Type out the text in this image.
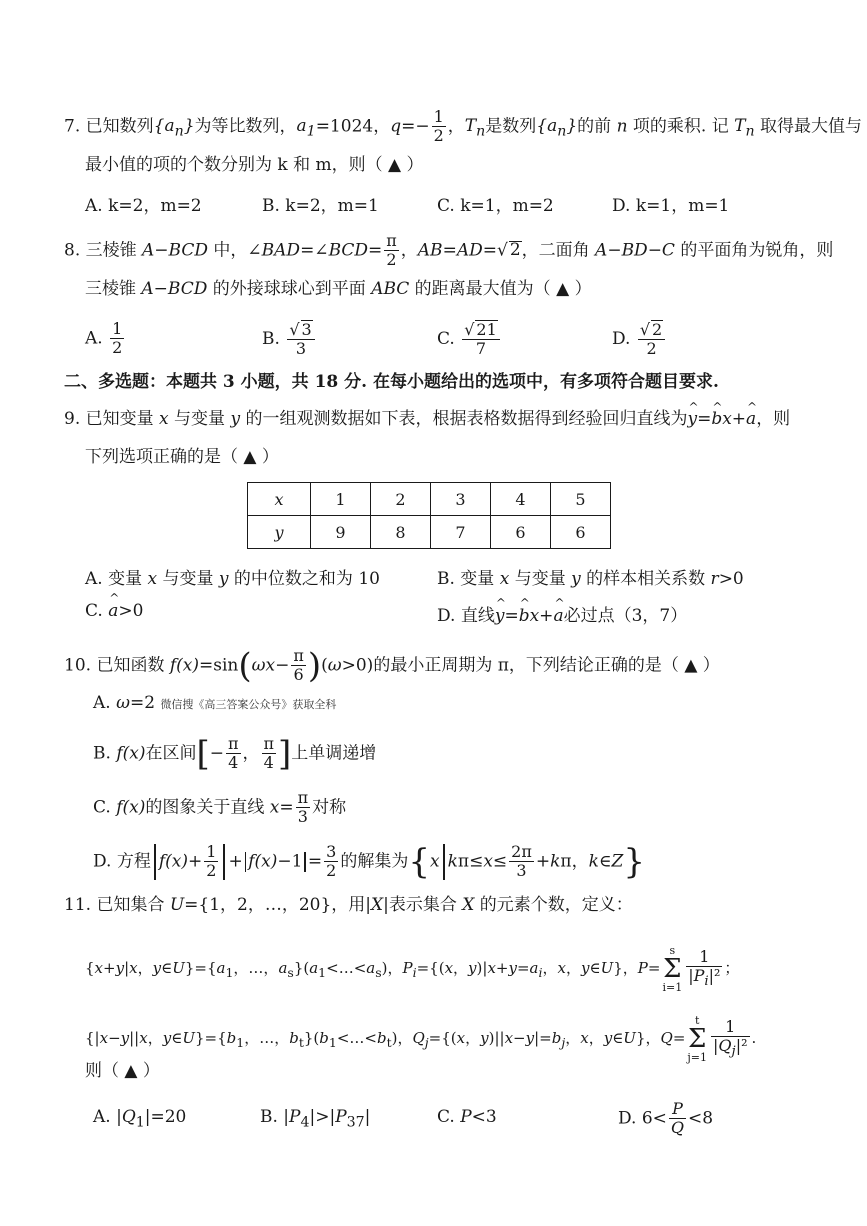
7. 已知数列$\{a_n\}$为等比数列，$a_1=1024$，$q=- \frac{1}{2}$ ，$T_n$是数列$\{a_n\}$的前 n 项的乘积. 记 $T_n$ 取得最大值与
最小值的项的个数分别为 k 和 m，则（ ▲ ）
A. k=2，m=2	B. k=2，m=1	C. k=1，m=2	D. k=1，m=1
8. 三棱锥 A−BCD 中，∠BAD=∠BCD= $\frac{\pi}{2}$ ，AB=AD=√ 2，二面角 A−BD−C 的平面角为锐角，则
三棱锥 A−BCD 的外接球球心到平面 ABC 的距离最大值为（ ▲ ）
A. $\frac{1}{2}$	B. $\frac{√ 3}{3}$	C. $\frac{√ 21}{7}$	D. $\frac{√ 2}{2}$
二、多选题：本题共 3 小题，共 18 分. 在每小题给出的选项中，有多项符合题目要求.
9. 已知变量 x 与变量 y 的一组观测数据如下表，根据表格数据得到经验回归直线为^ y=^ bx+^ a，则
下列选项正确的是（ ▲ ）
x	1	2	3	4	5
y	9	8	7	6	6
A. 变量 x 与变量 y 的中位数之和为 10	B. 变量 x 与变量 y 的样本相关系数 r>0
C. ^ a>0	D. 直线^ y=^ bx+^ a必过点（3，7）
10. 已知函数 $f(x)=\sin(\omega x- \frac{\pi}{6} )(\omega>0)$的最小正周期为 π，下列结论正确的是（ ▲ ）
A. ω=2 微信搜《高三答案公众号》获取全科
B. f(x)在区间[− $\frac{\pi}{4}$ ， $\frac{\pi}{4}$ ]上单调递增
C. f(x)的图象关于直线 $x= \frac{\pi}{3}$ 对称
D. 方程 $f(x)+ \frac{1}{2} + f(x)-1 = \frac{3}{2}$ 的解集为{x $k\pi\le x\le \frac{2\pi}{3} +k\pi$，k∈Z}
11. 已知集合 U={1，2，…，20}，用|X|表示集合 X 的元素个数，定义：
{x+y|x，$y\in U\}=\{a_1$，…，$a_s\}(a_1<\dots<a_s)$，$P_i=\{(x$，$y)|x+y=a_i$，x，y∈U}，P=
s
Σ
$i=1 \frac{1}{|P_i|^2}$ ；
{|x−y||x，$y\in U\}=\{b_1$，…，$b_t\}(b_1<\dots<b_t)$，$Q_j=\{(x$，$y)||x-y|=b_j$，x，y∈U}，Q=
t
Σ
$j=1 \frac{1}{|Q_j|^2}$ .
则（ ▲ ）
A. $|Q_1|=20$	B. $|P_4|>|P_{37}|$	C. P<3	D. $6< \frac{P}{Q} <8$
